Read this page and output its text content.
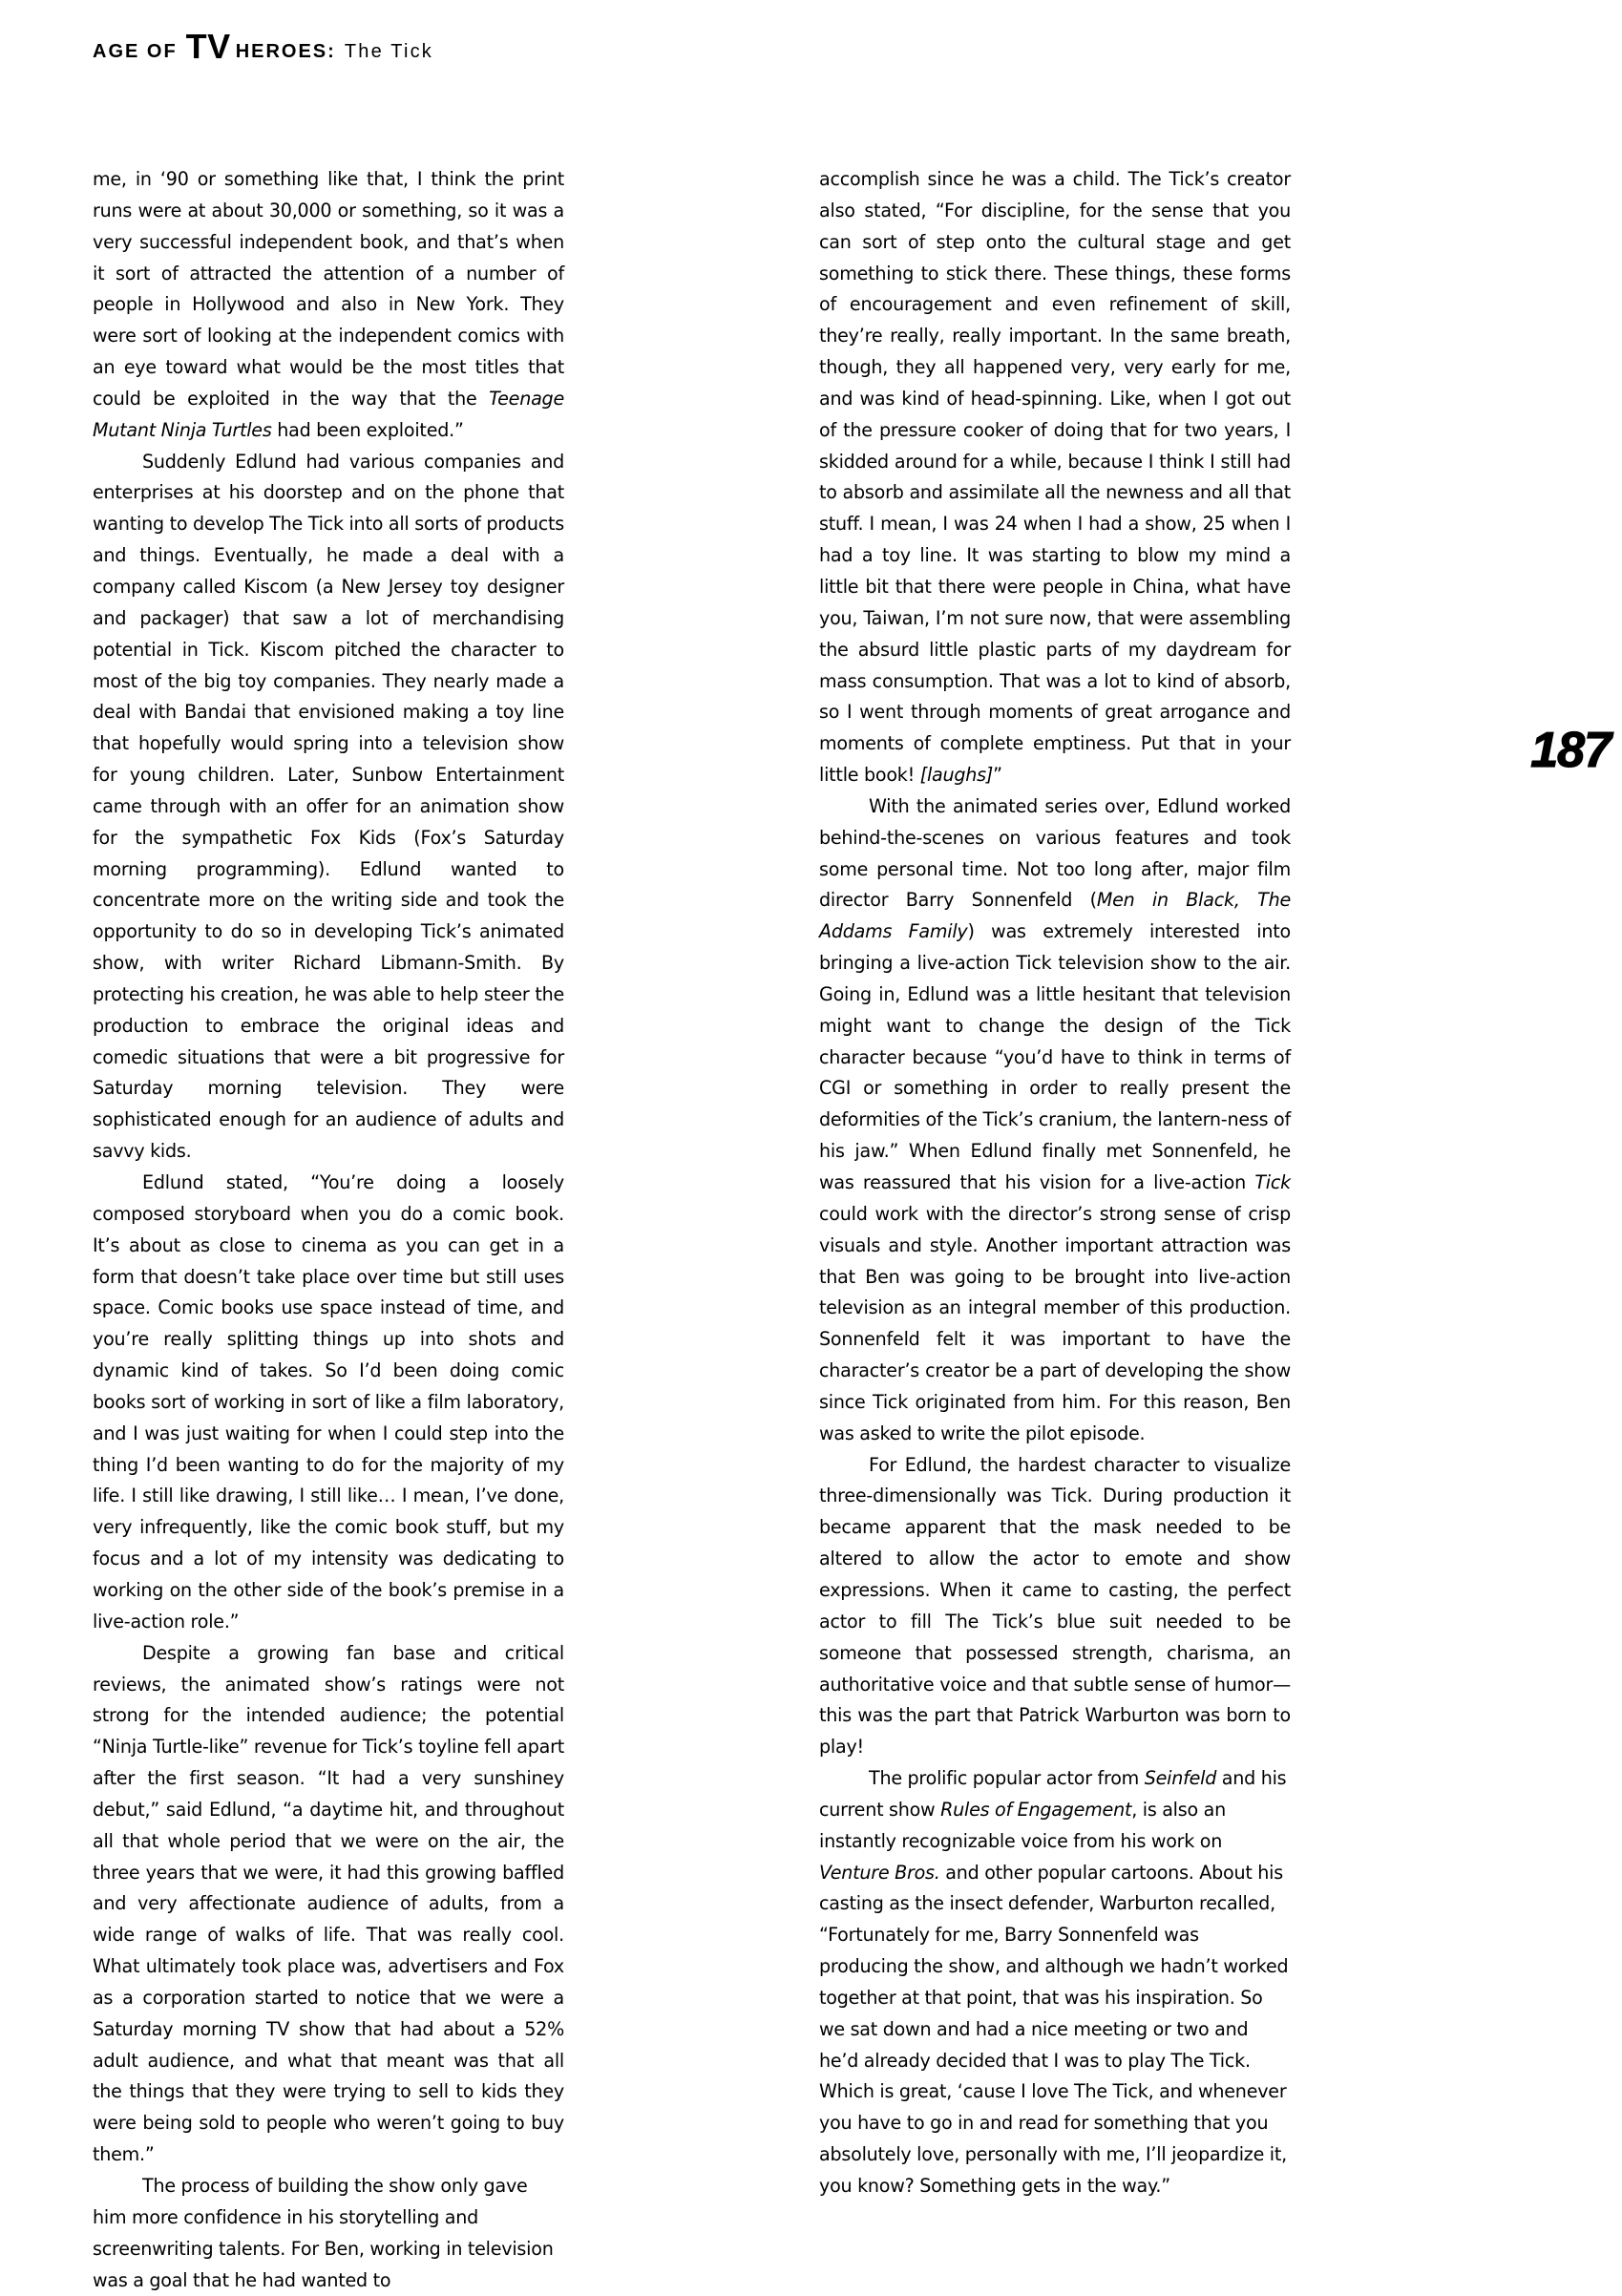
AGE OF TV HEROES : The Tick
187

me, in ‘90 or something like that, I think the print runs were at about 30,000 or something, so it was a very successful independent book, and that’s when it sort of attracted the attention of a number of people in Hollywood and also in New York. They were sort of looking at the independent comics with an eye toward what would be the most titles that could be exploited in the way that the Teenage Mutant Ninja Turtles had been exploited.”

Suddenly Edlund had various companies and enterprises at his doorstep and on the phone that wanting to develop The Tick into all sorts of products and things. Eventually, he made a deal with a company called Kiscom (a New Jersey toy designer and packager) that saw a lot of merchandising potential in Tick. Kiscom pitched the character to most of the big toy companies. They nearly made a deal with Bandai that envisioned making a toy line that hopefully would spring into a television show for young children. Later, Sunbow Entertainment came through with an offer for an animation show for the sympathetic Fox Kids (Fox’s Saturday morning programming). Edlund wanted to concentrate more on the writing side and took the opportunity to do so in developing Tick’s animated show, with writer Richard Libmann-Smith. By protecting his creation, he was able to help steer the production to embrace the original ideas and comedic situations that were a bit progressive for Saturday morning television. They were sophisticated enough for an audience of adults and savvy kids.

Edlund stated, “You’re doing a loosely composed storyboard when you do a comic book. It’s about as close to cinema as you can get in a form that doesn’t take place over time but still uses space. Comic books use space instead of time, and you’re really splitting things up into shots and dynamic kind of takes. So I’d been doing comic books sort of working in sort of like a film laboratory, and I was just waiting for when I could step into the thing I’d been wanting to do for the majority of my life. I still like drawing, I still like… I mean, I’ve done, very infrequently, like the comic book stuff, but my focus and a lot of my intensity was dedicating to working on the other side of the book’s premise in a live-action role.”

Despite a growing fan base and critical reviews, the animated show’s ratings were not strong for the intended audience; the potential “Ninja Turtle-like” revenue for Tick’s toyline fell apart after the first season. “It had a very sunshiney debut,” said Edlund, “a daytime hit, and throughout all that whole period that we were on the air, the three years that we were, it had this growing baffled and very affectionate audience of adults, from a wide range of walks of life. That was really cool. What ultimately took place was, advertisers and Fox as a corporation started to notice that we were a Saturday morning TV show that had about a 52% adult audience, and what that meant was that all the things that they were trying to sell to kids they were being sold to people who weren’t going to buy them.”

The process of building the show only gave him more confidence in his storytelling and screenwriting talents. For Ben, working in television was a goal that he had wanted to

accomplish since he was a child. The Tick’s creator also stated, “For discipline, for the sense that you can sort of step onto the cultural stage and get something to stick there. These things, these forms of encouragement and even refinement of skill, they’re really, really important. In the same breath, though, they all happened very, very early for me, and was kind of head-spinning. Like, when I got out of the pressure cooker of doing that for two years, I skidded around for a while, because I think I still had to absorb and assimilate all the newness and all that stuff. I mean, I was 24 when I had a show, 25 when I had a toy line. It was starting to blow my mind a little bit that there were people in China, what have you, Taiwan, I’m not sure now, that were assembling the absurd little plastic parts of my daydream for mass consumption. That was a lot to kind of absorb, so I went through moments of great arrogance and moments of complete emptiness. Put that in your little book! [laughs]”

With the animated series over, Edlund worked behind-the-scenes on various features and took some personal time. Not too long after, major film director Barry Sonnenfeld (Men in Black, The Addams Family) was extremely interested into bringing a live-action Tick television show to the air. Going in, Edlund was a little hesitant that television might want to change the design of the Tick character because “you’d have to think in terms of CGI or something in order to really present the deformities of the Tick’s cranium, the lantern-ness of his jaw.” When Edlund finally met Sonnenfeld, he was reassured that his vision for a live-action Tick could work with the director’s strong sense of crisp visuals and style. Another important attraction was that Ben was going to be brought into live-action television as an integral member of this production. Sonnenfeld felt it was important to have the character’s creator be a part of developing the show since Tick originated from him. For this reason, Ben was asked to write the pilot episode.

For Edlund, the hardest character to visualize three-dimensionally was Tick. During production it became apparent that the mask needed to be altered to allow the actor to emote and show expressions. When it came to casting, the perfect actor to fill The Tick’s blue suit needed to be someone that possessed strength, charisma, an authoritative voice and that subtle sense of humor—this was the part that Patrick Warburton was born to play!

The prolific popular actor from Seinfeld and his current show Rules of Engagement, is also an instantly recognizable voice from his work on Venture Bros. and other popular cartoons. About his casting as the insect defender, Warburton recalled, “Fortunately for me, Barry Sonnenfeld was producing the show, and although we hadn’t worked together at that point, that was his inspiration. So we sat down and had a nice meeting or two and he’d already decided that I was to play The Tick. Which is great, ‘cause I love The Tick, and whenever you have to go in and read for something that you absolutely love, personally with me, I’ll jeopardize it, you know? Something gets in the way.”
